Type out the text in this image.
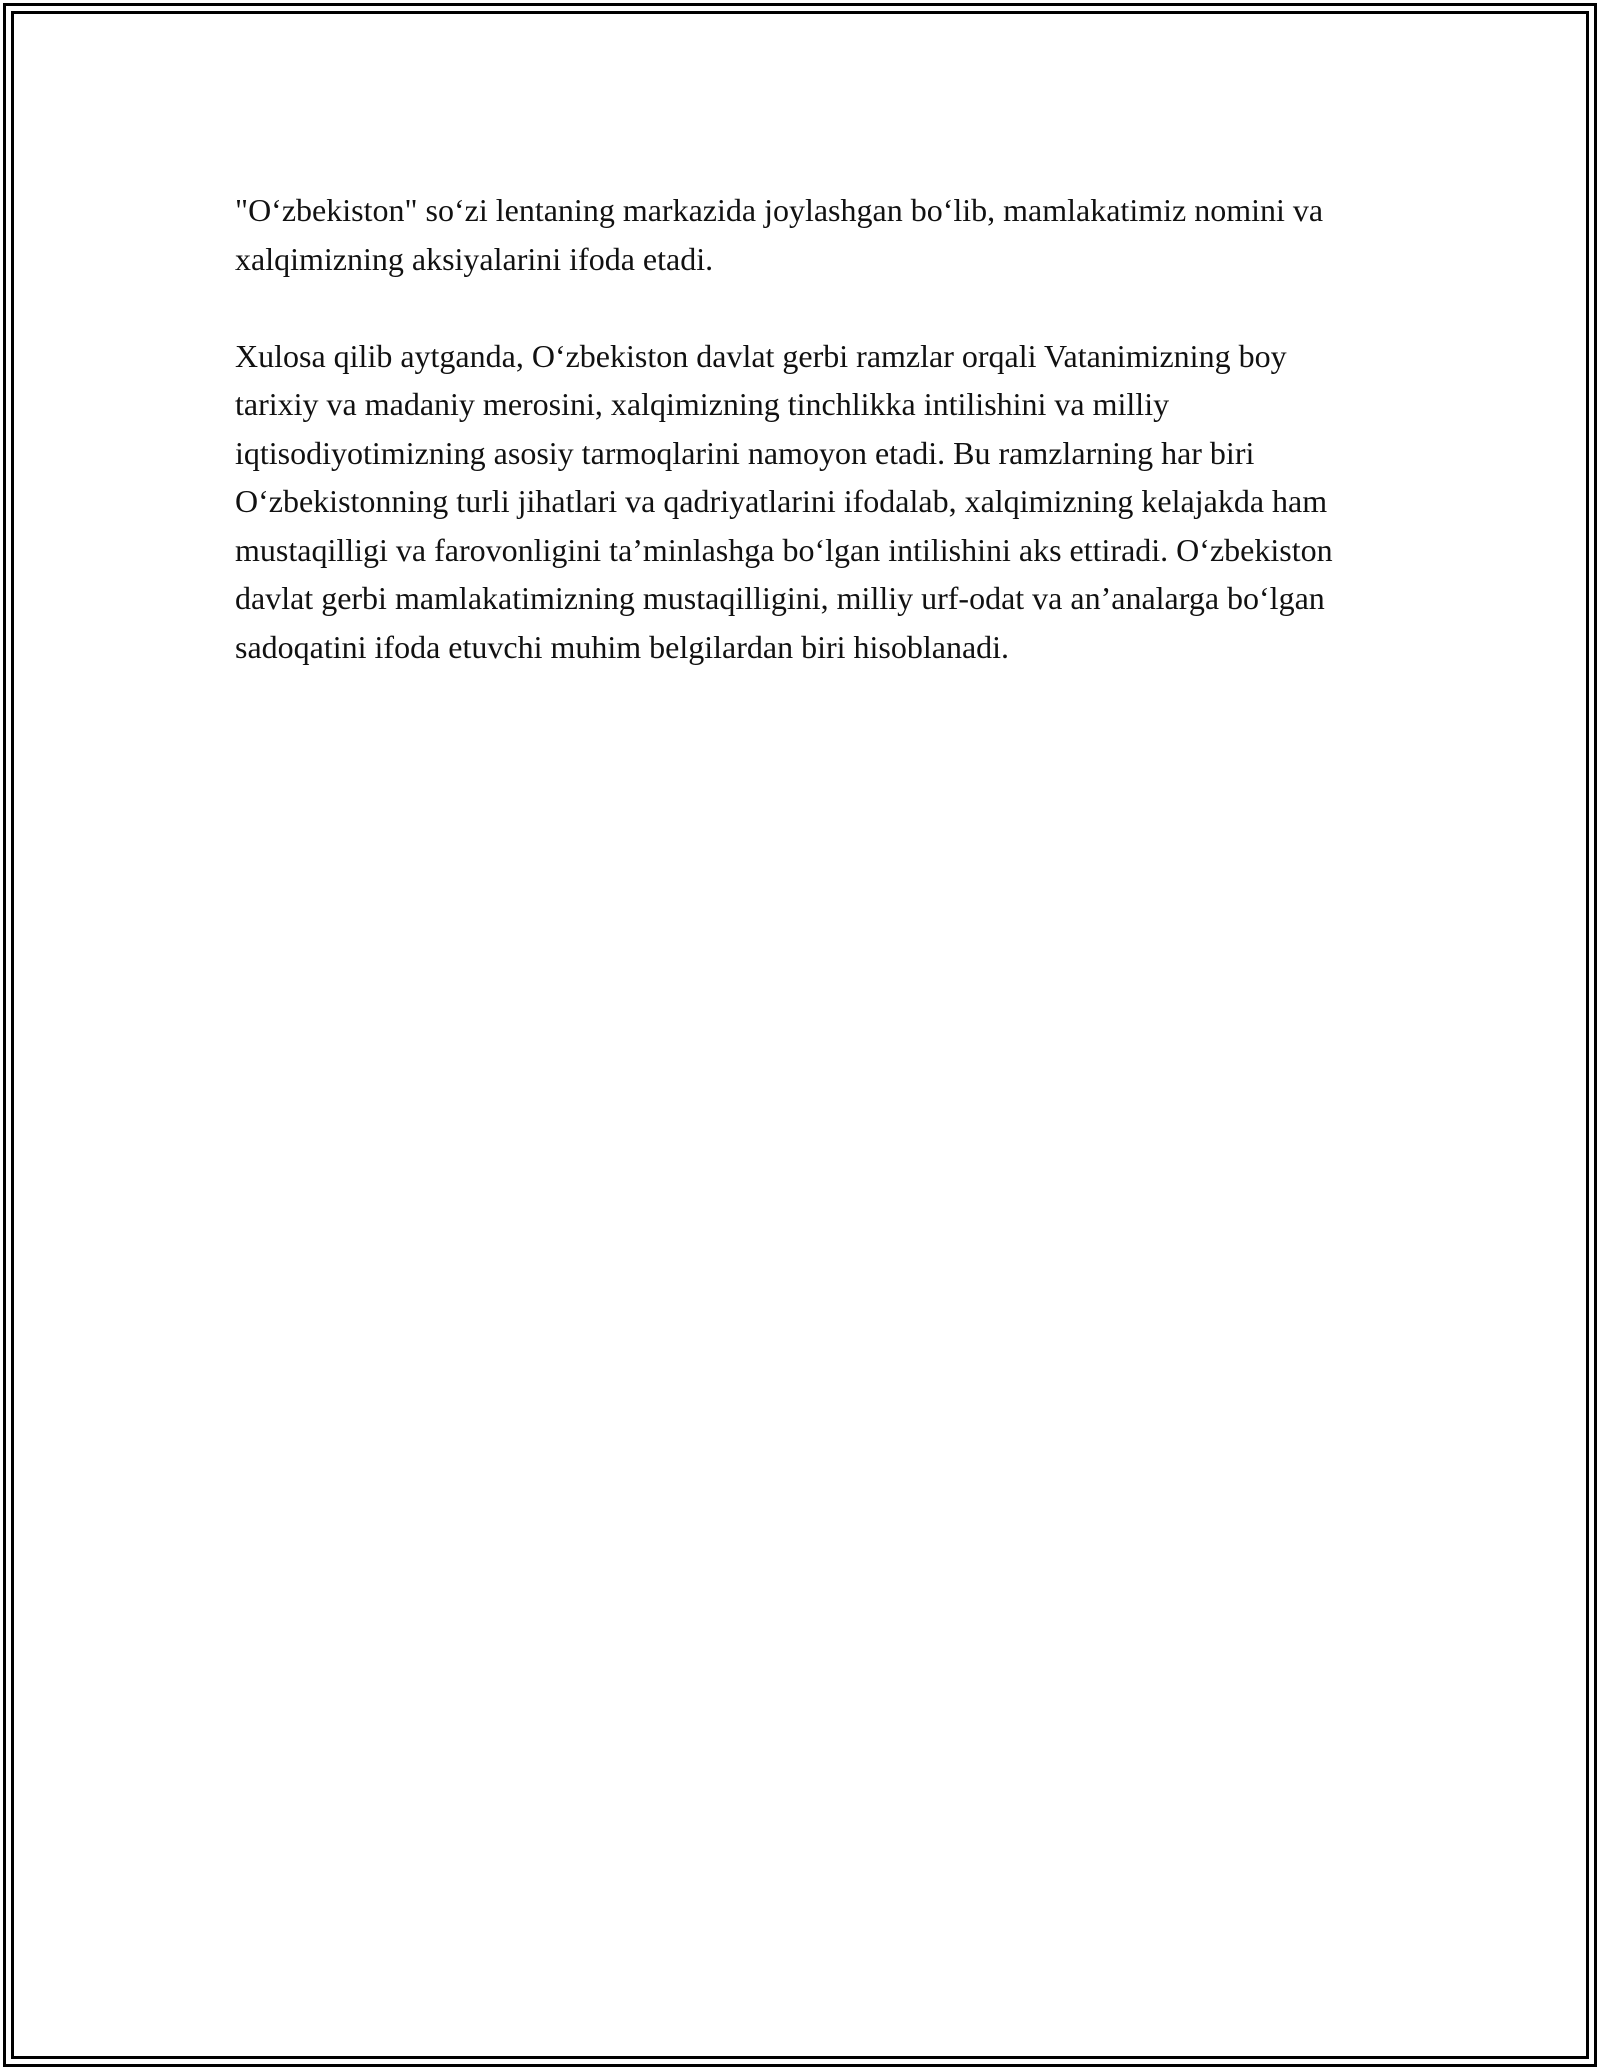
"O‘zbekiston" so‘zi lentaning markazida joylashgan bo‘lib, mamlakatimiz nomini va xalqimizning aksiyalarini ifoda etadi.

Xulosa qilib aytganda, O‘zbekiston davlat gerbi ramzlar orqali Vatanimizning boy tarixiy va madaniy merosini, xalqimizning tinchlikka intilishini va milliy iqtisodiyotimizning asosiy tarmoqlarini namoyon etadi. Bu ramzlarning har biri O‘zbekistonning turli jihatlari va qadriyatlarini ifodalab, xalqimizning kelajakda ham mustaqilligi va farovonligini ta’minlashga bo‘lgan intilishini aks ettiradi. O‘zbekiston davlat gerbi mamlakatimizning mustaqilligini, milliy urf-odat va an’analarga bo‘lgan sadoqatini ifoda etuvchi muhim belgilardan biri hisoblanadi.
